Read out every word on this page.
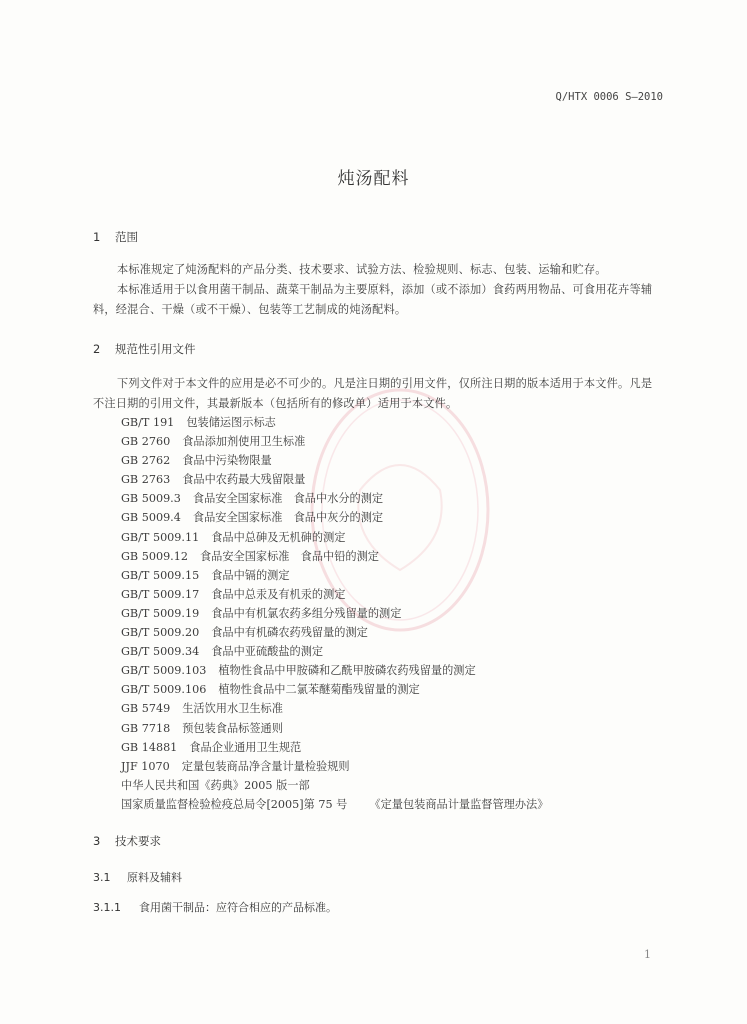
Q/HTX 0006 S—2010
炖汤配料
1 范围
本标准规定了炖汤配料的产品分类、技术要求、试验方法、检验规则、标志、包装、运输和贮存。
本标准适用于以食用菌干制品、蔬菜干制品为主要原料，添加（或不添加）食药两用物品、可食用花卉等辅料，经混合、干燥（或不干燥）、包装等工艺制成的炖汤配料。
2 规范性引用文件
下列文件对于本文件的应用是必不可少的。凡是注日期的引用文件，仅所注日期的版本适用于本文件。凡是不注日期的引用文件，其最新版本（包括所有的修改单）适用于本文件。
GB/T 191 包装储运图示标志
GB 2760 食品添加剂使用卫生标准
GB 2762 食品中污染物限量
GB 2763 食品中农药最大残留限量
GB 5009.3 食品安全国家标准　食品中水分的测定
GB 5009.4 食品安全国家标准　食品中灰分的测定
GB/T 5009.11 食品中总砷及无机砷的测定
GB 5009.12 食品安全国家标准　食品中铅的测定
GB/T 5009.15 食品中镉的测定
GB/T 5009.17 食品中总汞及有机汞的测定
GB/T 5009.19 食品中有机氯农药多组分残留量的测定
GB/T 5009.20 食品中有机磷农药残留量的测定
GB/T 5009.34 食品中亚硫酸盐的测定
GB/T 5009.103 植物性食品中甲胺磷和乙酰甲胺磷农药残留量的测定
GB/T 5009.106 植物性食品中二氯苯醚菊酯残留量的测定
GB 5749 生活饮用水卫生标准
GB 7718 预包装食品标签通则
GB 14881 食品企业通用卫生规范
JJF 1070 定量包装商品净含量计量检验规则
中华人民共和国《药典》2005 版一部
国家质量监督检验检疫总局令[2005]第 75 号 《定量包装商品计量监督管理办法》
3 技术要求
3.1 原料及辅料
3.1.1 食用菌干制品：应符合相应的产品标准。
1
